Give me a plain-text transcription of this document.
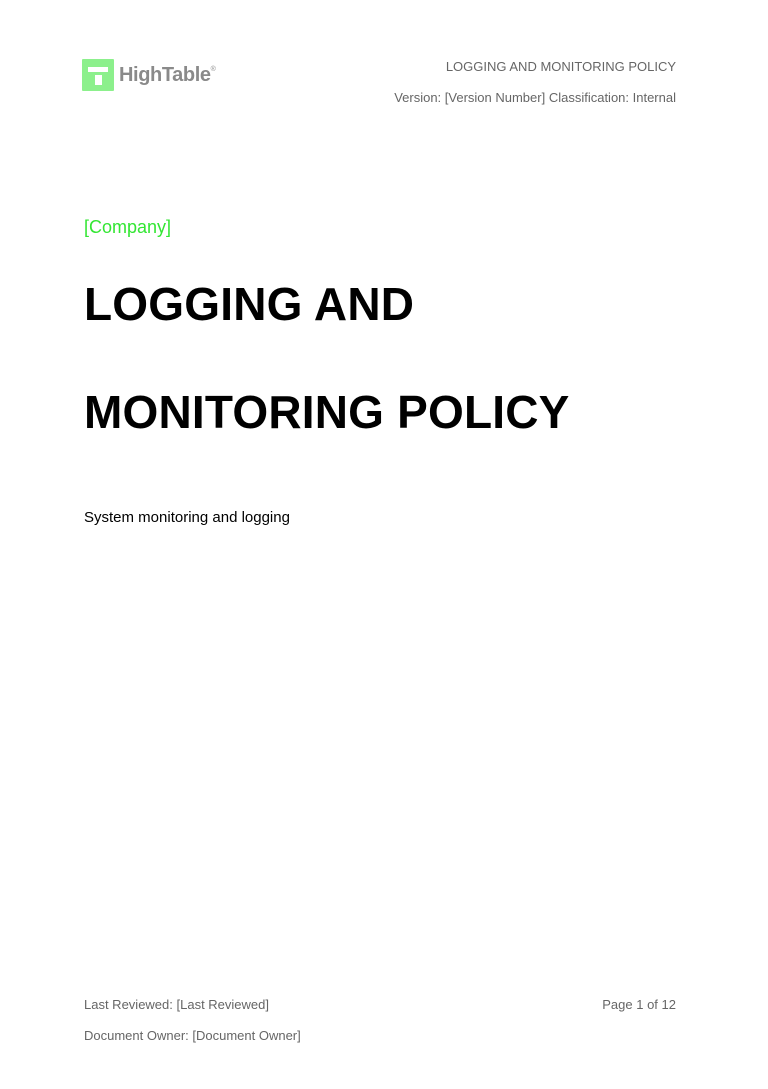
HighTable®	LOGGING AND MONITORING POLICY
Version: [Version Number] Classification: Internal
[Company]
LOGGING AND
MONITORING POLICY
System monitoring and logging
Last Reviewed: [Last Reviewed]
Document Owner: [Document Owner]
Page 1 of 12
